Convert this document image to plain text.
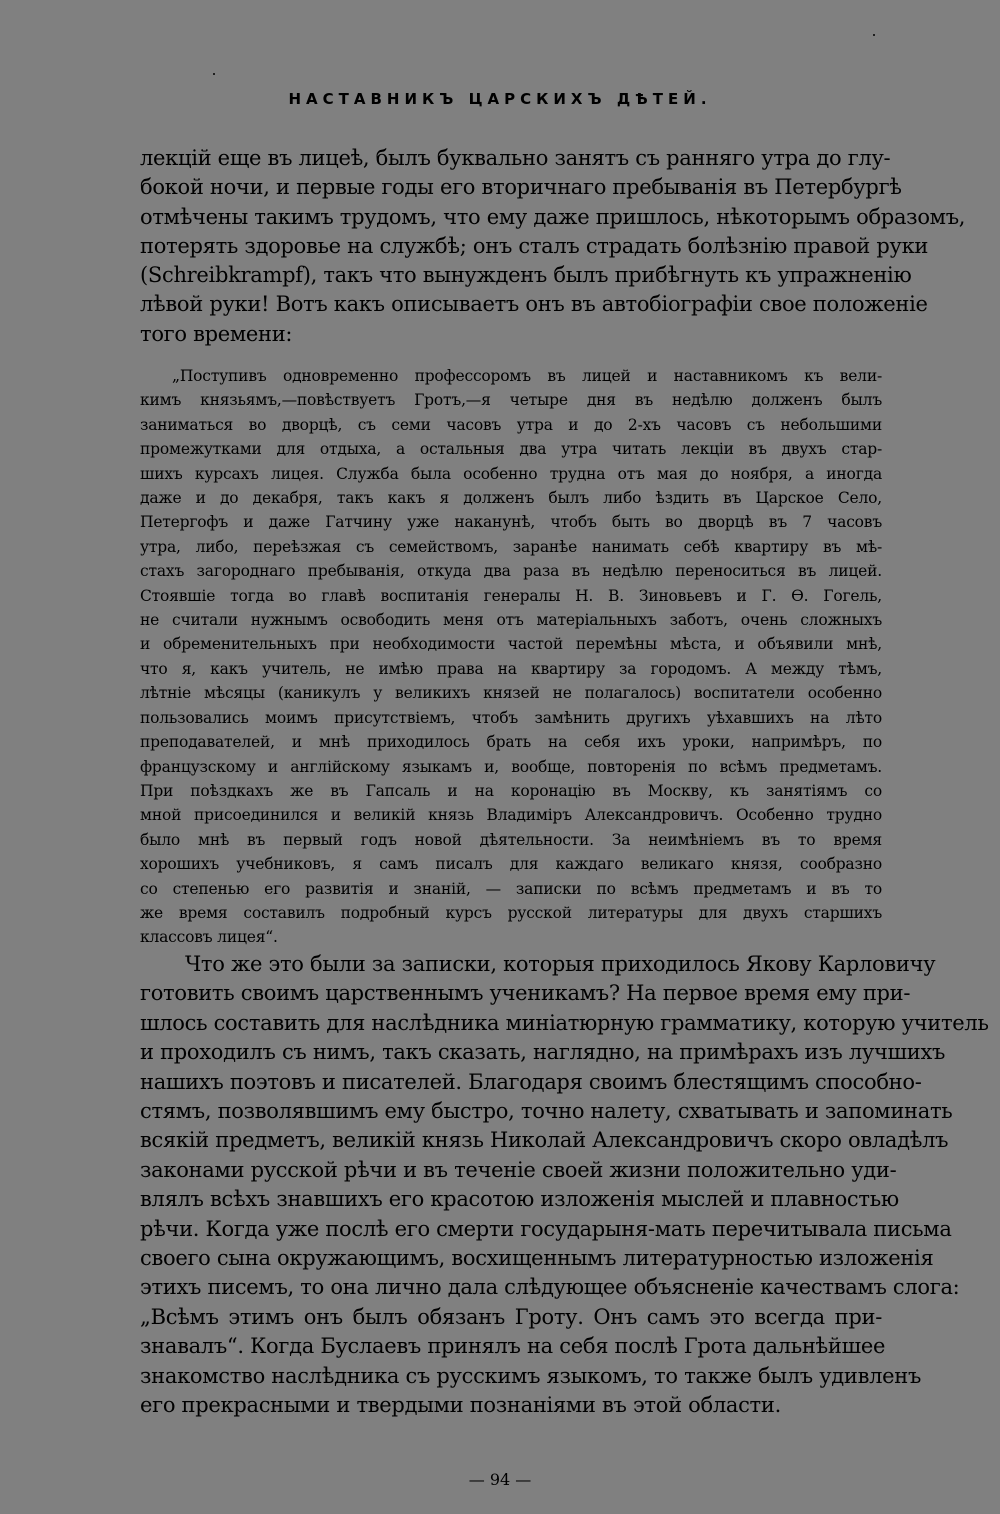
НАСТАВНИКЪ ЦАРСКИХЪ ДѢТЕЙ.
лекцій еще въ лицеѣ, былъ буквально занятъ съ ранняго утра до глу-
бокой ночи, и первые годы его вторичнаго пребыванія въ Петербургѣ
отмѣчены такимъ трудомъ, что ему даже пришлось, нѣкоторымъ образомъ,
потерять здоровье на службѣ; онъ сталъ страдать болѣзнію правой руки
(Schreibkrampf), такъ что вынужденъ былъ прибѣгнуть къ упражненію
лѣвой руки! Вотъ какъ описываетъ онъ въ автобіографіи свое положеніе
того времени:
„Поступивъ одновременно профессоромъ въ лицей и наставникомъ къ вели-
кимъ князьямъ,—повѣствуетъ Гротъ,—я четыре дня въ недѣлю долженъ былъ
заниматься во дворцѣ, съ семи часовъ утра и до 2-хъ часовъ съ небольшими
промежутками для отдыха, а остальныя два утра читать лекціи въ двухъ стар-
шихъ курсахъ лицея. Служба была особенно трудна отъ мая до ноября, а иногда
даже и до декабря, такъ какъ я долженъ былъ либо ѣздить въ Царское Село,
Петергофъ и даже Гатчину уже наканунѣ, чтобъ быть во дворцѣ въ 7 часовъ
утра, либо, переѣзжая съ семействомъ, заранѣе нанимать себѣ квартиру въ мѣ-
стахъ загороднаго пребыванія, откуда два раза въ недѣлю переноситься въ лицей.
Стоявшіе тогда во главѣ воспитанія генералы Н. В. Зиновьевъ и Г. Ѳ. Гогель,
не считали нужнымъ освободить меня отъ матеріальныхъ заботъ, очень сложныхъ
и обременительныхъ при необходимости частой перемѣны мѣста, и объявили мнѣ,
что я, какъ учитель, не имѣю права на квартиру за городомъ. А между тѣмъ,
лѣтніе мѣсяцы (каникулъ у великихъ князей не полагалось) воспитатели особенно
пользовались моимъ присутствіемъ, чтобъ замѣнить другихъ уѣхавшихъ на лѣто
преподавателей, и мнѣ приходилось брать на себя ихъ уроки, напримѣръ, по
французскому и англійскому языкамъ и, вообще, повторенія по всѣмъ предметамъ.
При поѣздкахъ же въ Гапсаль и на коронацію въ Москву, къ занятіямъ со
мной присоединился и великій князь Владиміръ Александровичъ. Особенно трудно
было мнѣ въ первый годъ новой дѣятельности. За неимѣніемъ въ то время
хорошихъ учебниковъ, я самъ писалъ для каждаго великаго князя, сообразно
со степенью его развитія и знаній, — записки по всѣмъ предметамъ и въ то
же время составилъ подробный курсъ русской литературы для двухъ старшихъ
классовъ лицея“.
Что же это были за записки, которыя приходилось Якову Карловичу
готовить своимъ царственнымъ ученикамъ? На первое время ему при-
шлось составить для наслѣдника миніатюрную грамматику, которую учитель
и проходилъ съ нимъ, такъ сказать, наглядно, на примѣрахъ изъ лучшихъ
нашихъ поэтовъ и писателей. Благодаря своимъ блестящимъ способно-
стямъ, позволявшимъ ему быстро, точно налету, схватывать и запоминать
всякій предметъ, великій князь Николай Александровичъ скоро овладѣлъ
законами русской рѣчи и въ теченіе своей жизни положительно уди-
влялъ всѣхъ знавшихъ его красотою изложенія мыслей и плавностью
рѣчи. Когда уже послѣ его смерти государыня-мать перечитывала письма
своего сына окружающимъ, восхищеннымъ литературностью изложенія
этихъ писемъ, то она лично дала слѣдующее объясненіе качествамъ слога:
„Всѣмъ этимъ онъ былъ обязанъ Гроту. Онъ самъ это всегда при-
знавалъ“. Когда Буслаевъ принялъ на себя послѣ Грота дальнѣйшее
знакомство наслѣдника съ русскимъ языкомъ, то также былъ удивленъ
его прекрасными и твердыми познаніями въ этой области.
— 94 —
